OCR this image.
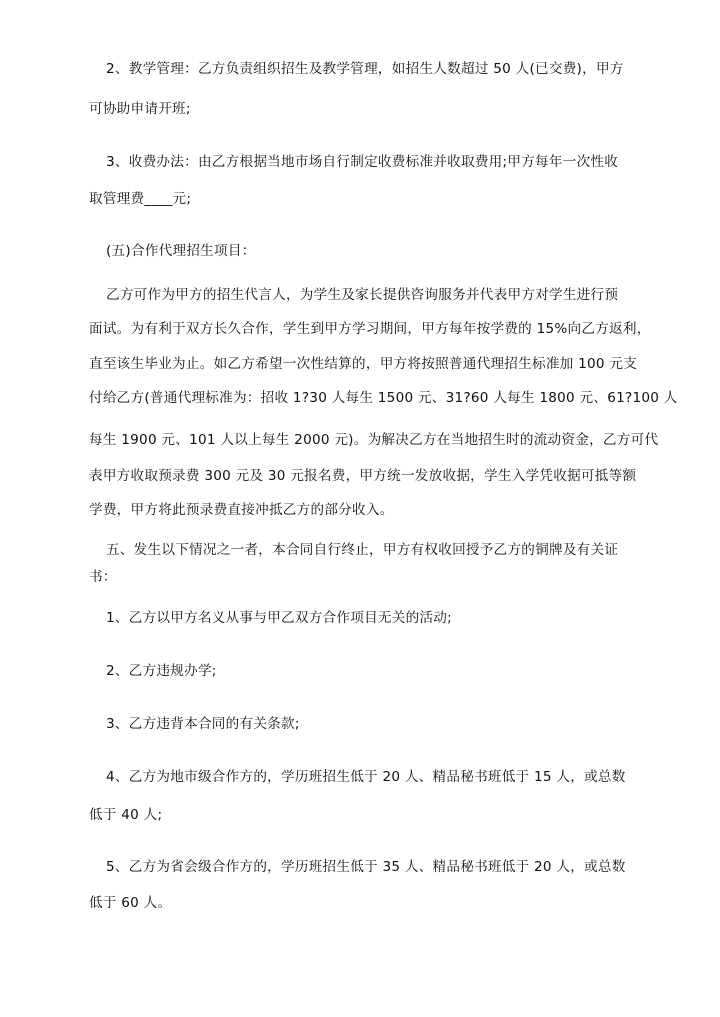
2、教学管理：乙方负责组织招生及教学管理，如招生人数超过 50 人(已交费)，甲方
可协助申请开班;
3、收费办法：由乙方根据当地市场自行制定收费标准并收取费用;甲方每年一次性收
取管理费____元;
(五)合作代理招生项目：
乙方可作为甲方的招生代言人，为学生及家长提供咨询服务并代表甲方对学生进行预
面试。为有利于双方长久合作，学生到甲方学习期间，甲方每年按学费的 15%向乙方返利，
直至该生毕业为止。如乙方希望一次性结算的，甲方将按照普通代理招生标准加 100 元支
付给乙方(普通代理标准为：招收 1?30 人每生 1500 元、31?60 人每生 1800 元、61?100 人
每生 1900 元、101 人以上每生 2000 元)。为解决乙方在当地招生时的流动资金，乙方可代
表甲方收取预录费 300 元及 30 元报名费，甲方统一发放收据，学生入学凭收据可抵等额
学费，甲方将此预录费直接冲抵乙方的部分收入。
五、发生以下情况之一者，本合同自行终止，甲方有权收回授予乙方的铜牌及有关证
书：
1、乙方以甲方名义从事与甲乙双方合作项目无关的活动;
2、乙方违规办学;
3、乙方违背本合同的有关条款;
4、乙方为地市级合作方的，学历班招生低于 20 人、精品秘书班低于 15 人，或总数
低于 40 人;
5、乙方为省会级合作方的，学历班招生低于 35 人、精品秘书班低于 20 人，或总数
低于 60 人。
